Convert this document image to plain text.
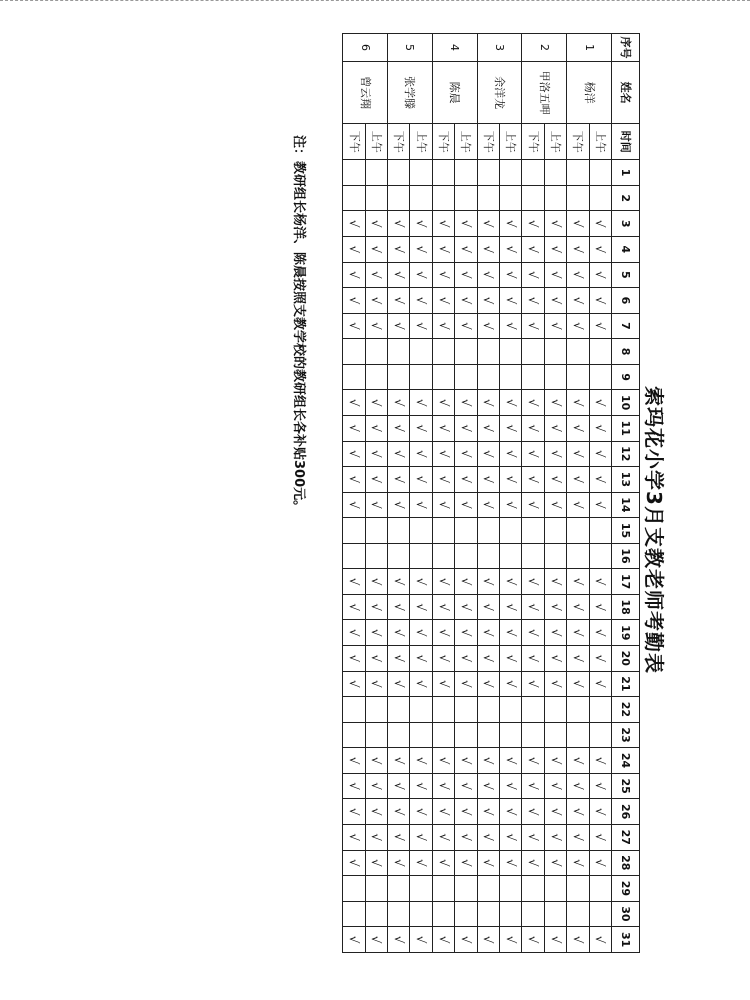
索玛花小学3月支教老师考勤表
序号	姓名	时间	1	2	3	4	5	6	7	8	9	10	11	12	13	14	15	16	17	18	19	20	21	22	23	24	25	26	27	28	29	30	31
1	杨洋	上午			√	√	√	√	√			√	√	√	√	√			√	√	√	√	√			√	√	√	√	√			√
		下午			√	√	√	√	√			√	√	√	√	√			√	√	√	√	√			√	√	√	√	√			√
2	甲洛五呷	上午			√	√	√	√	√			√	√	√	√	√			√	√	√	√	√			√	√	√	√	√			√
		下午			√	√	√	√	√			√	√	√	√	√			√	√	√	√	√			√	√	√	√	√			√
3	余洋龙	上午			√	√	√	√	√			√	√	√	√	√			√	√	√	√	√			√	√	√	√	√			√
		下午			√	√	√	√	√			√	√	√	√	√			√	√	√	√	√			√	√	√	√	√			√
4	陈晨	上午			√	√	√	√	√			√	√	√	√	√			√	√	√	√	√			√	√	√	√	√			√
		下午			√	√	√	√	√			√	√	√	√	√			√	√	√	√	√			√	√	√	√	√			√
5	张学滕	上午			√	√	√	√	√			√	√	√	√	√			√	√	√	√	√			√	√	√	√	√			√
		下午			√	√	√	√	√			√	√	√	√	√			√	√	√	√	√			√	√	√	√	√			√
6	曾云翔	上午			√	√	√	√	√			√	√	√	√	√			√	√	√	√	√			√	√	√	√	√			√
		下午			√	√	√	√	√			√	√	√	√	√			√	√	√	√	√			√	√	√	√	√			√
注：教研组长杨洋、陈晨按照支教学校的教研组长各补贴300元。
